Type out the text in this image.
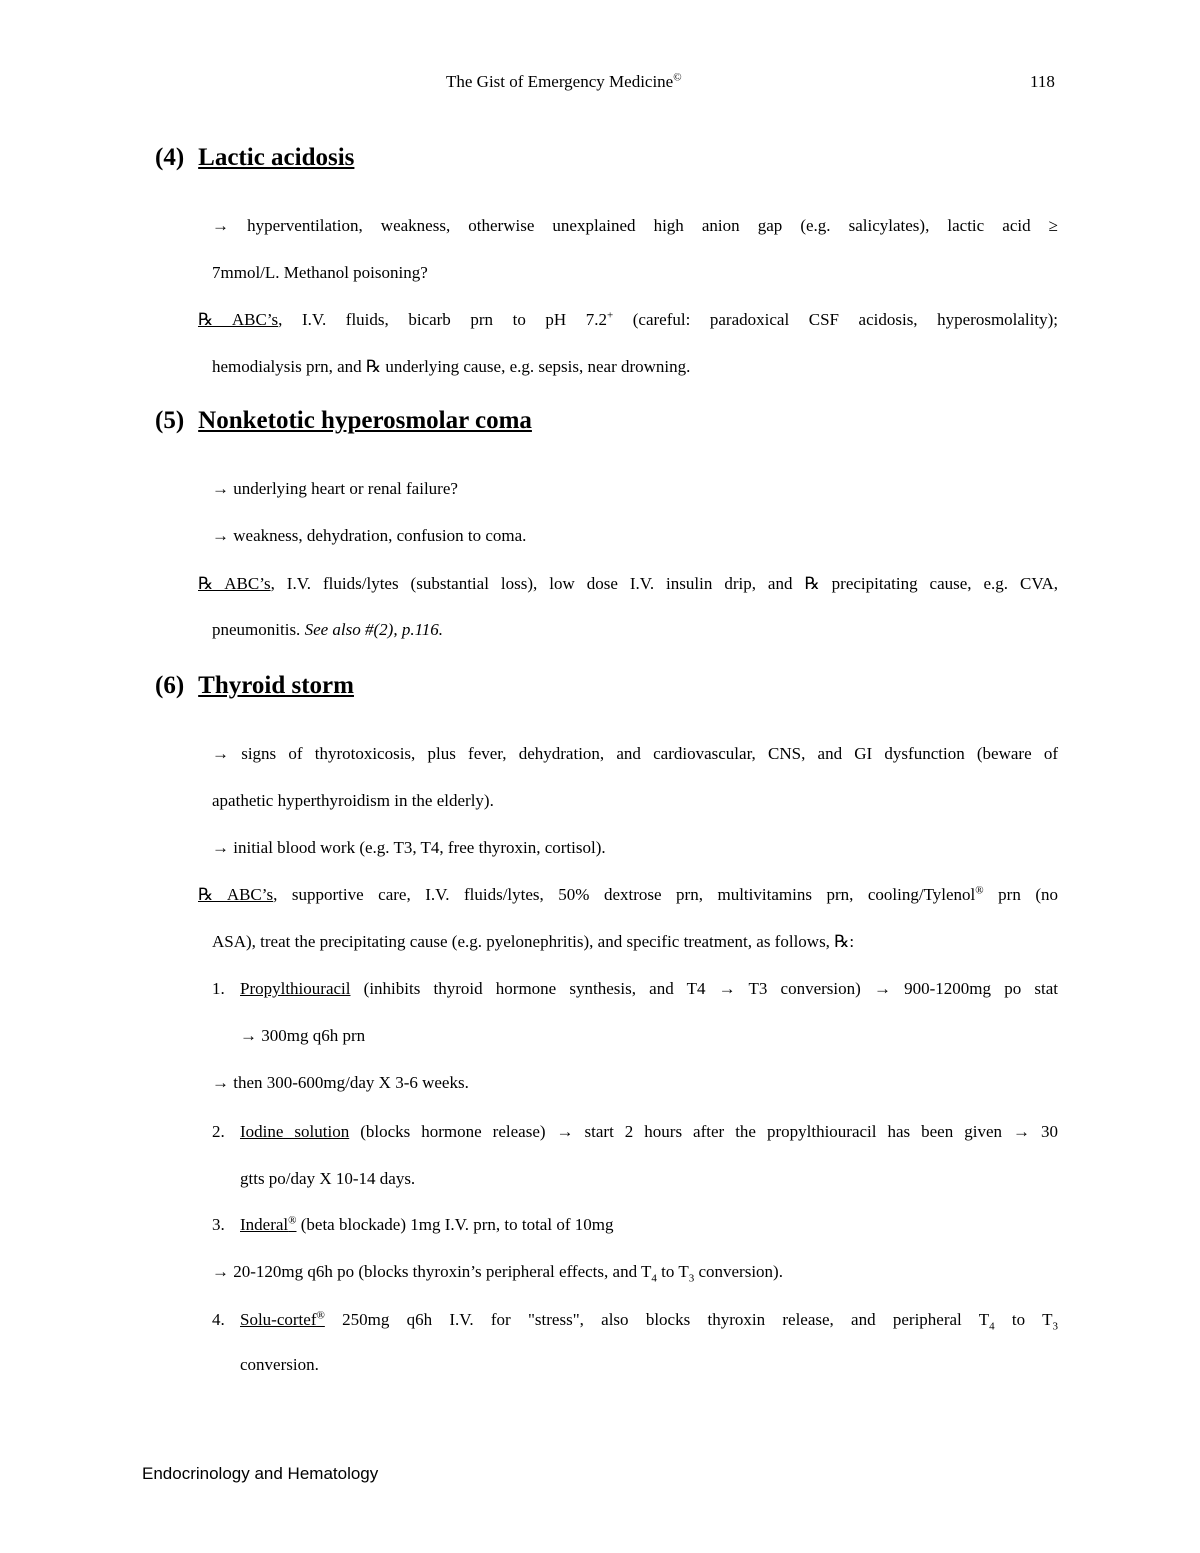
The Gist of Emergency Medicine©	118
(4) Lactic acidosis
→ hyperventilation, weakness, otherwise unexplained high anion gap (e.g. salicylates), lactic acid ≥
7mmol/L. Methanol poisoning?
℞ ABC’s, I.V. fluids, bicarb prn to pH 7.2+ (careful: paradoxical CSF acidosis, hyperosmolality);
hemodialysis prn, and ℞ underlying cause, e.g. sepsis, near drowning.
(5) Nonketotic hyperosmolar coma
→ underlying heart or renal failure?
→ weakness, dehydration, confusion to coma.
℞ ABC’s, I.V. fluids/lytes (substantial loss), low dose I.V. insulin drip, and ℞ precipitating cause, e.g. CVA,
pneumonitis. See also #(2), p.116.
(6) Thyroid storm
→ signs of thyrotoxicosis, plus fever, dehydration, and cardiovascular, CNS, and GI dysfunction (beware of
apathetic hyperthyroidism in the elderly).
→ initial blood work (e.g. T3, T4, free thyroxin, cortisol).
℞ ABC’s, supportive care, I.V. fluids/lytes, 50% dextrose prn, multivitamins prn, cooling/Tylenol® prn (no
ASA), treat the precipitating cause (e.g. pyelonephritis), and specific treatment, as follows, ℞:
1. Propylthiouracil (inhibits thyroid hormone synthesis, and T4 → T3 conversion) → 900-1200mg po stat
→ 300mg q6h prn
→ then 300-600mg/day X 3-6 weeks.
2. Iodine solution (blocks hormone release) → start 2 hours after the propylthiouracil has been given → 30
gtts po/day X 10-14 days.
3. Inderal® (beta blockade) 1mg I.V. prn, to total of 10mg
→ 20-120mg q6h po (blocks thyroxin’s peripheral effects, and $T_4$ to $T_3$ conversion).
4. Solu-cortef® 250mg q6h I.V. for "stress", also blocks thyroxin release, and peripheral $T_4$ to $T_3$
conversion.
Endocrinology and Hematology
